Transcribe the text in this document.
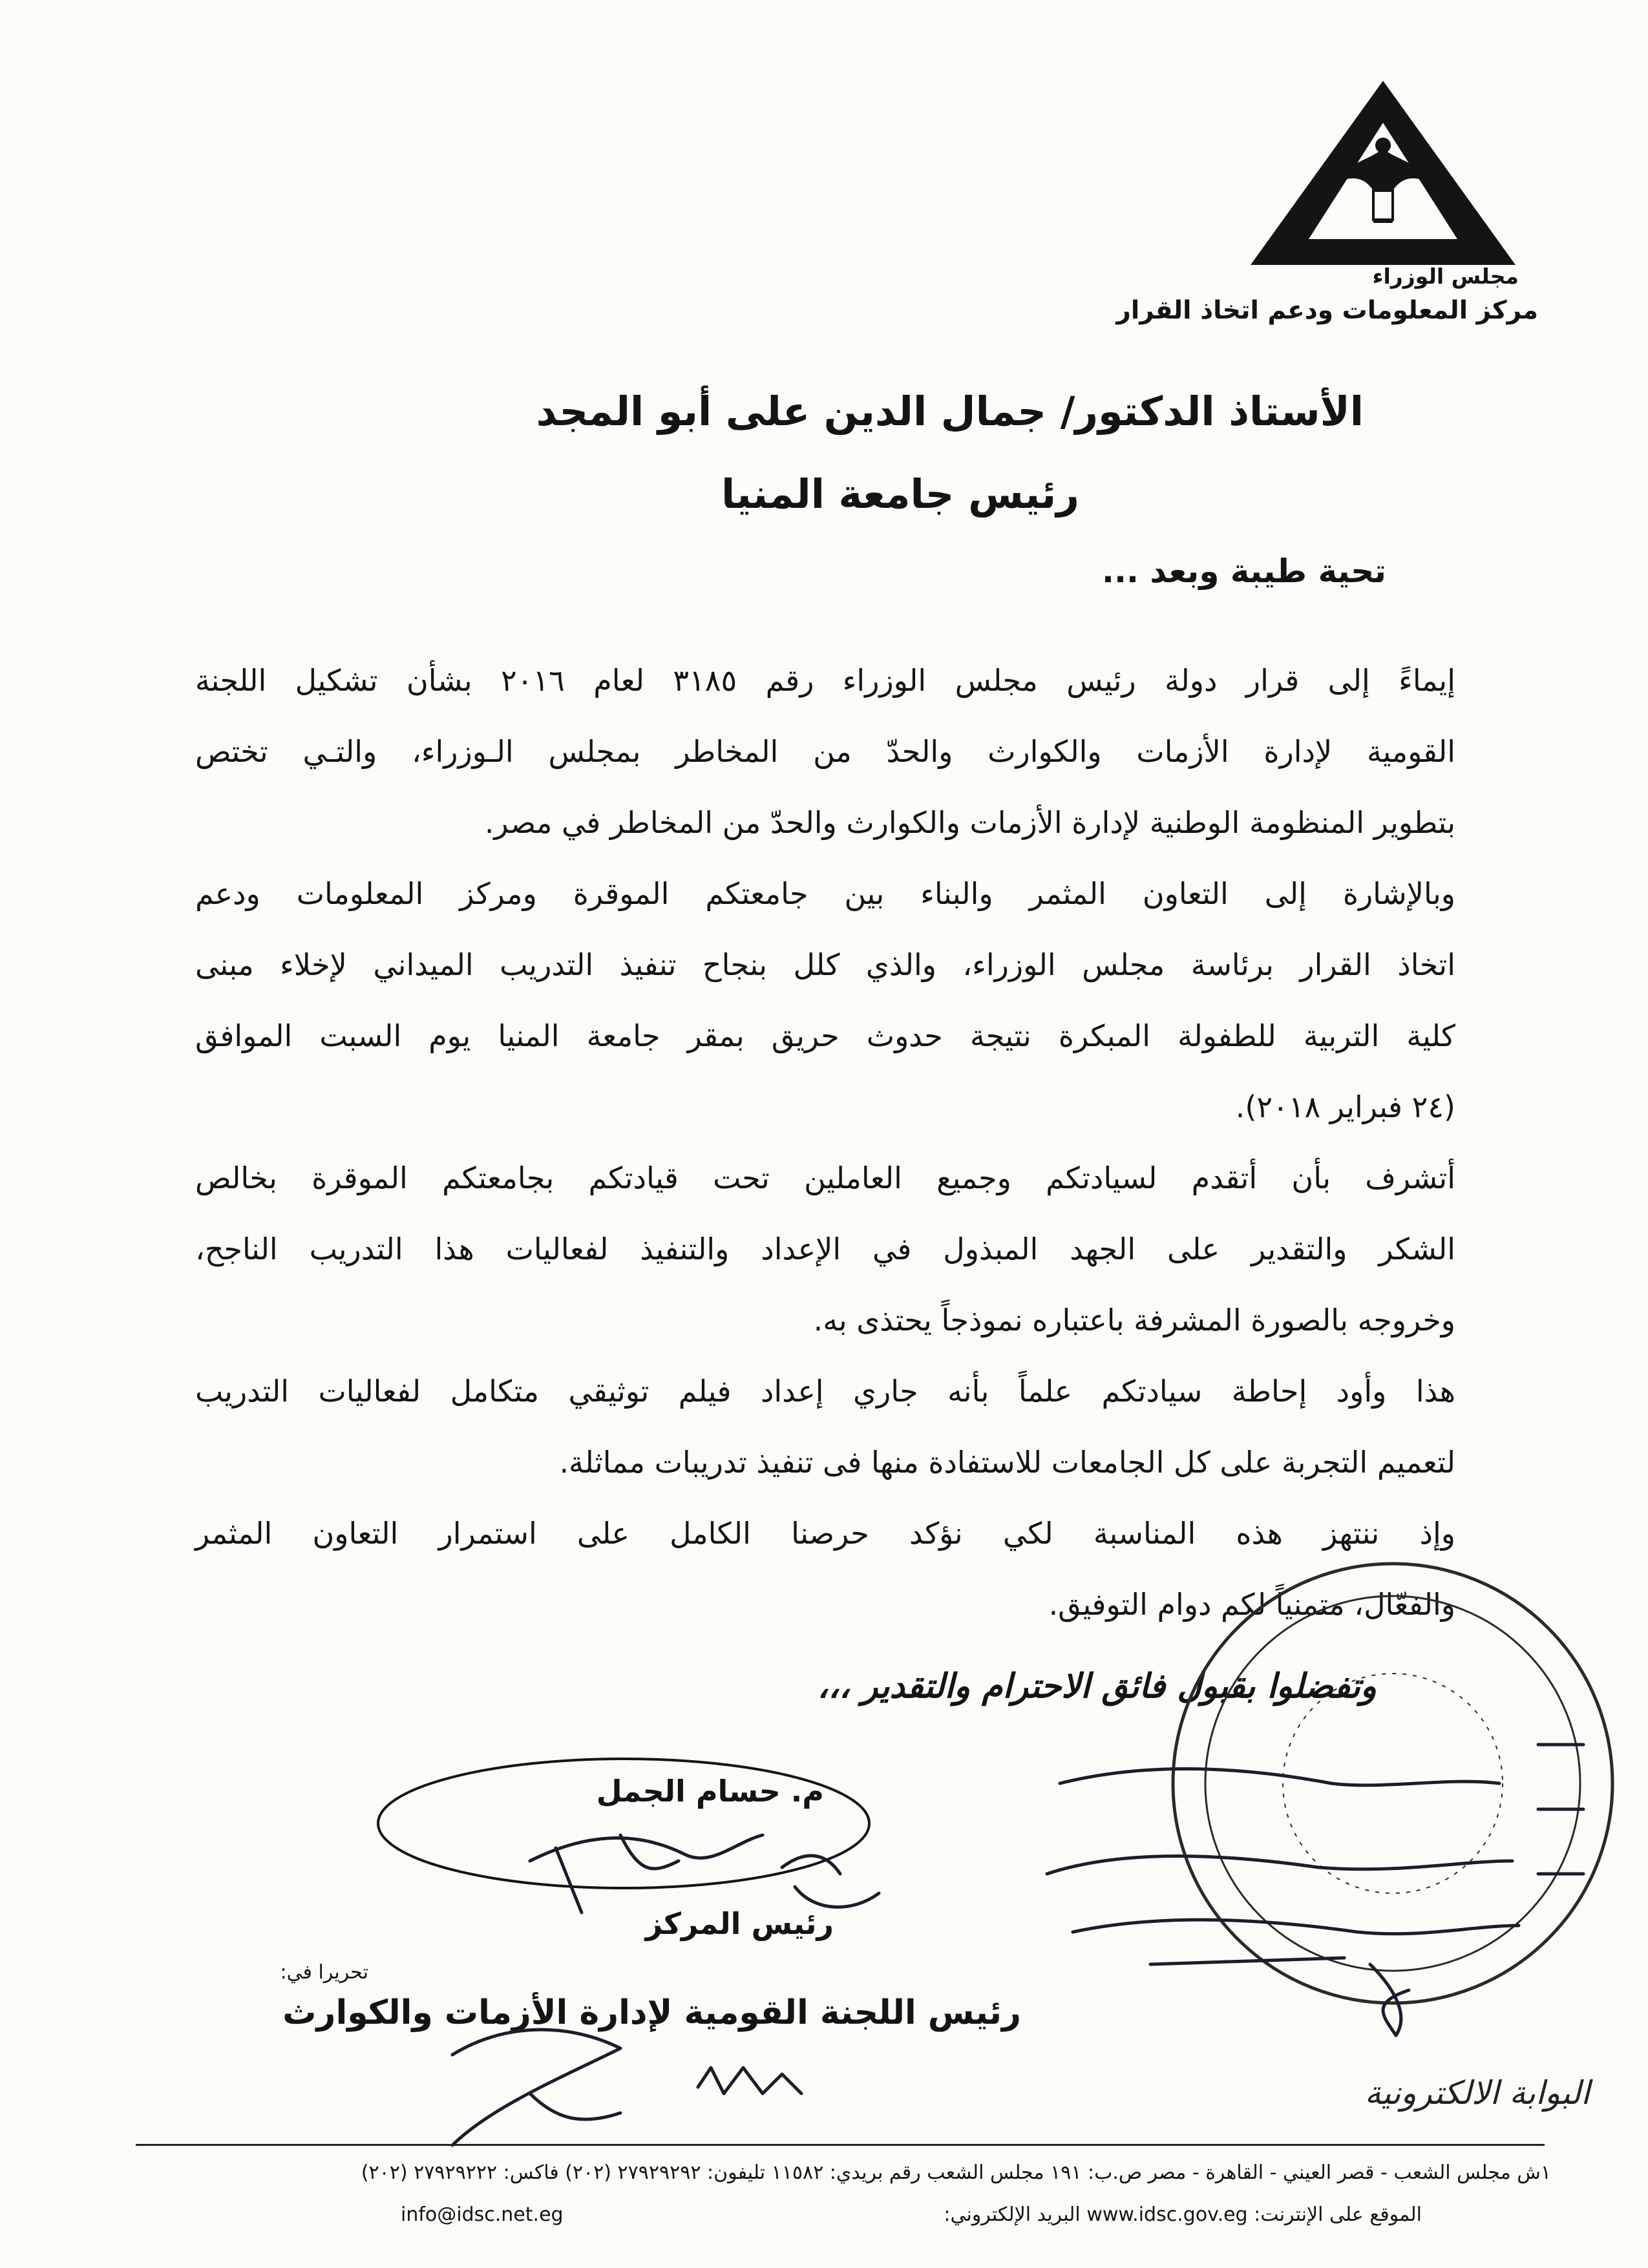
مجلس الوزراء
مركز المعلومات ودعم اتخاذ القرار
الأستاذ الدكتور/ جمال الدين على أبو المجد
رئيس جامعة المنيا
تحية طيبة وبعد ...
إيماءً إلى قرار دولة رئيس مجلس الوزراء رقم ٣١٨٥ لعام ٢٠١٦ بشأن تشكيل اللجنة
القومية لإدارة الأزمات والكوارث والحدّ من المخاطر بمجلس الـوزراء، والتـي تختص
بتطوير المنظومة الوطنية لإدارة الأزمات والكوارث والحدّ من المخاطر في مصر.
وبالإشارة إلى التعاون المثمر والبناء بين جامعتكم الموقرة ومركز المعلومات ودعم
اتخاذ القرار برئاسة مجلس الوزراء، والذي كلل بنجاح تنفيذ التدريب الميداني لإخلاء مبنى
كلية التربية للطفولة المبكرة نتيجة حدوث حريق بمقر جامعة المنيا يوم السبت الموافق
(٢٤ فبراير ٢٠١٨).
أتشرف بأن أتقدم لسيادتكم وجميع العاملين تحت قيادتكم بجامعتكم الموقرة بخالص
الشكر والتقدير على الجهد المبذول في الإعداد والتنفيذ لفعاليات هذا التدريب الناجح،
وخروجه بالصورة المشرفة باعتباره نموذجاً يحتذى به.
هذا وأود إحاطة سيادتكم علماً بأنه جاري إعداد فيلم توثيقي متكامل لفعاليات التدريب
لتعميم التجربة على كل الجامعات للاستفادة منها فى تنفيذ تدريبات مماثلة.
وإذ ننتهز هذه المناسبة لكي نؤكد حرصنا الكامل على استمرار التعاون المثمر
والفعّال، متمنياً لكم دوام التوفيق.
وتفضلوا بقبول فائق الاحترام والتقدير ،،،
م. حسام الجمل
رئيس المركز
رئيس اللجنة القومية لإدارة الأزمات والكوارث
تحريرا في:
البوابة الالكترونية
١ش مجلس الشعب - قصر العيني - القاهرة - مصر ص.ب: ١٩١ مجلس الشعب رقم بريدي: ١١٥٨٢ تليفون: ٢٧٩٢٩٢٩٢ (٢٠٢) فاكس: ٢٧٩٢٩٢٢٢ (٢٠٢)
الموقع على الإنترنت: www.idsc.gov.eg البريد الإلكتروني:
info@idsc.net.eg
